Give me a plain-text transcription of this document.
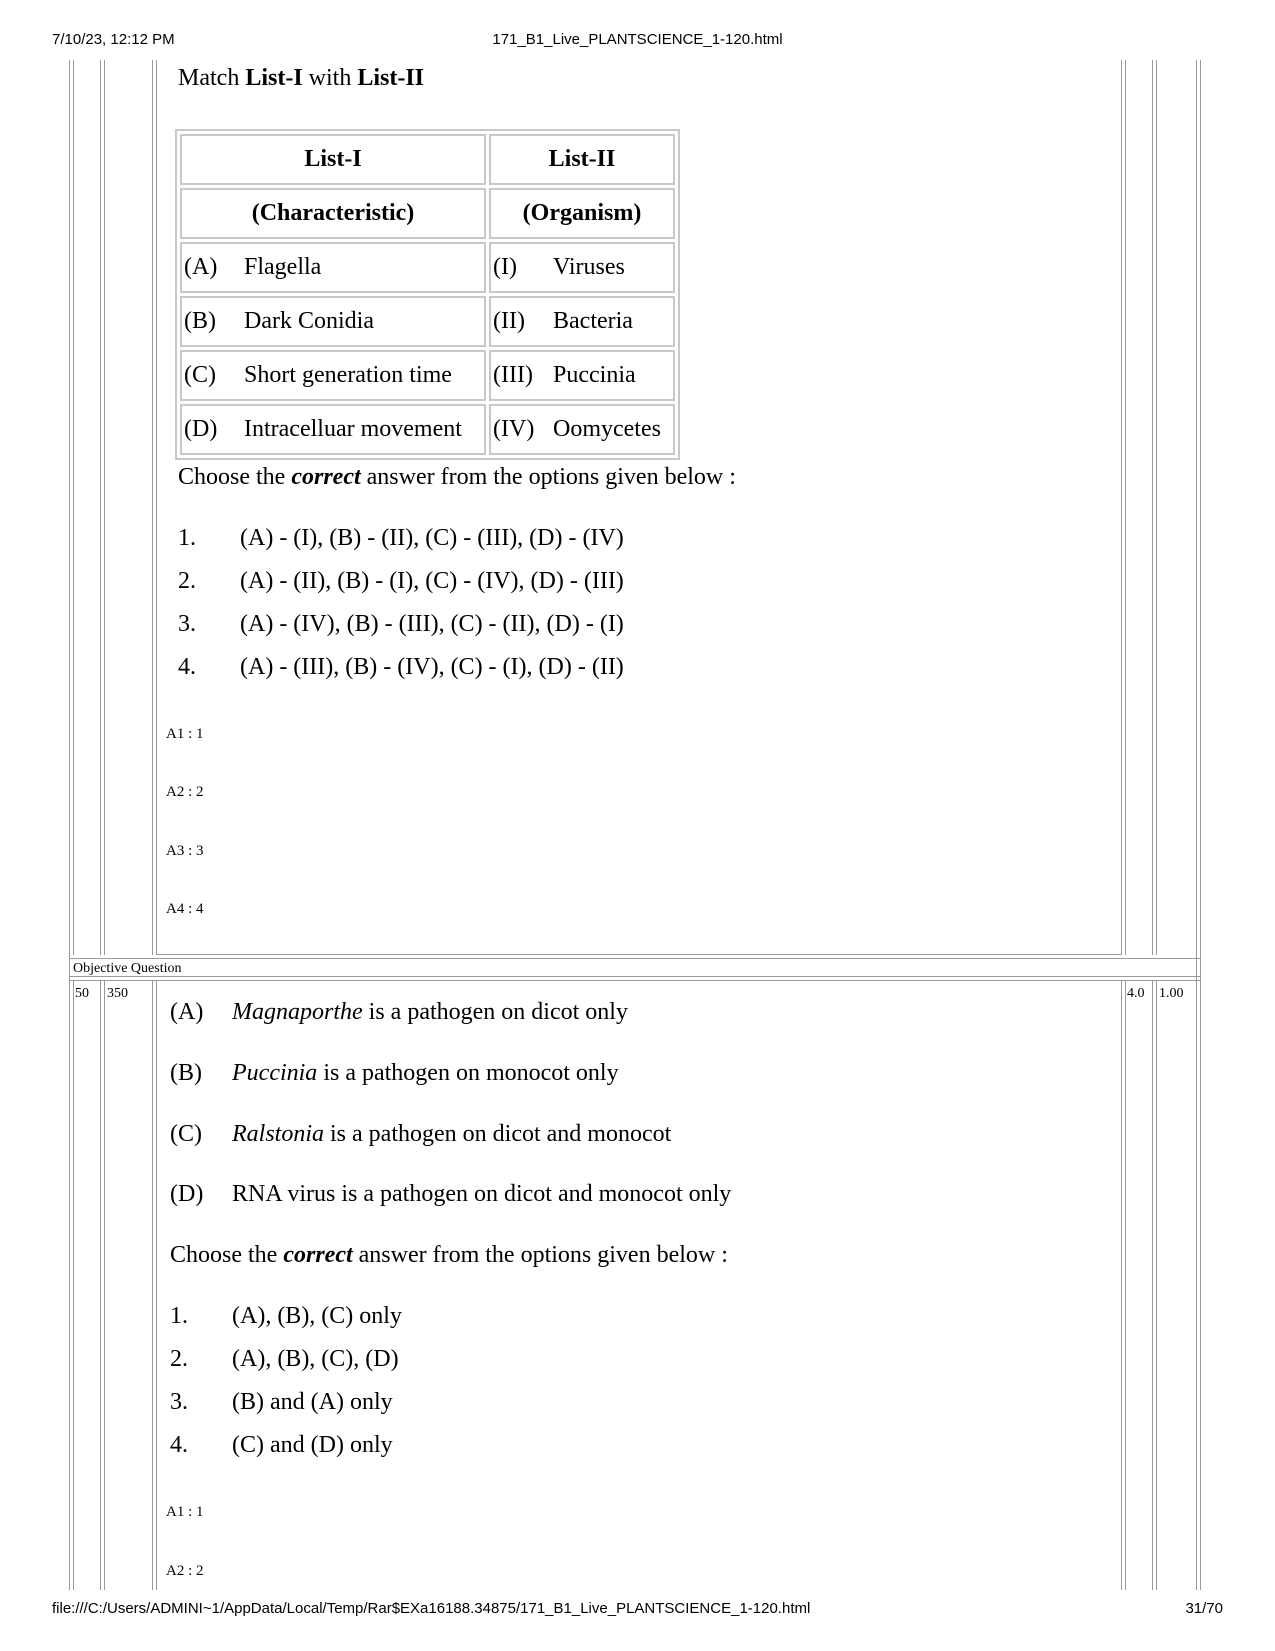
7/10/23, 12:12 PM	171_B1_Live_PLANTSCIENCE_1-120.html
file:///C:/Users/ADMINI~1/AppData/Local/Temp/Rar$EXa16188.34875/171_B1_Live_PLANTSCIENCE_1-120.html	31/70
Match List-I with List-II
List-I	List-II
(Characteristic)	(Organism)
(A) Flagella	(I) Viruses
(B) Dark Conidia	(II) Bacteria
(C) Short generation time	(III) Puccinia
(D) Intracelluar movement	(IV) Oomycetes
Choose the correct answer from the options given below :
1. (A) - (I), (B) - (II), (C) - (III), (D) - (IV)
2. (A) - (II), (B) - (I), (C) - (IV), (D) - (III)
3. (A) - (IV), (B) - (III), (C) - (II), (D) - (I)
4. (A) - (III), (B) - (IV), (C) - (I), (D) - (II)
A1 : 1
A2 : 2
A3 : 3
A4 : 4
Objective Question
50 350	4.0 1.00
(A) Magnaporthe is a pathogen on dicot only
(B) Puccinia is a pathogen on monocot only
(C) Ralstonia is a pathogen on dicot and monocot
(D) RNA virus is a pathogen on dicot and monocot only
Choose the correct answer from the options given below :
1. (A), (B), (C) only
2. (A), (B), (C), (D)
3. (B) and (A) only
4. (C) and (D) only
A1 : 1
A2 : 2
